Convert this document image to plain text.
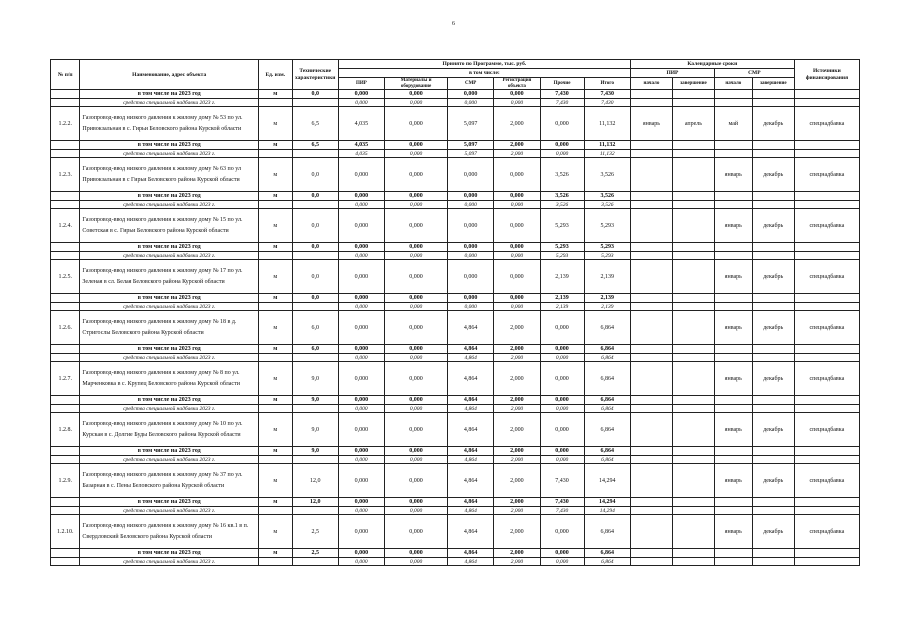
6
№ п/п	Наименование, адрес объекта	Ед. изм.	Технические характеристики	Принято по Программе, тыс. руб.						Календарные сроки				Источники финансирования
				в том числе:						ПИР		СМР		
				ПИР	Материалы и оборудование	СМР	Регистрация объекта	Прочие	Итого	начало	завершение	начало	завершение	
	в том числе на 2023 год	м	0,0	0,000	0,000	0,000	0,000	7,430	7,430					
	средства специальной надбавки 2023 г.			0,000	0,000	0,000	0,000	7,430	7,430					
1.2.2.	Газопровод-ввод низкого давления к жилому дому № 53 по ул. Привокзальная в с. Гирьи Беловского района Курской области	м	6,5	4,035	0,000	5,097	2,000	0,000	11,132	январь	апрель	май	декабрь	спецнадбавка
	в том числе на 2023 год	м	6,5	4,035	0,000	5,097	2,000	0,000	11,132					
	средства специальной надбавки 2023 г.			4,035	0,000	5,097	2,000	0,000	11,132					
1.2.3.	Газопровод-ввод низкого давления к жилому дому № 63 по ул Привокзальная в с Гирьи Беловского района Курской области	м	0,0	0,000	0,000	0,000	0,000	3,526	3,526			январь	декабрь	спецнадбавка
	в том числе на 2023 год	м	0,0	0,000	0,000	0,000	0,000	3,526	3,526					
	средства специальной надбавки 2023 г.			0,000	0,000	0,000	0,000	3,526	3,526					
1.2.4.	Газопровод-ввод низкого давления к жилому дому № 15 по ул. Советская в с. Гирьи Беловского района Курской области	м	0,0	0,000	0,000	0,000	0,000	5,293	5,293			январь	декабрь	спецнадбавка
	в том числе на 2023 год	м	0,0	0,000	0,000	0,000	0,000	5,293	5,293					
	средства специальной надбавки 2023 г.			0,000	0,000	0,000	0,000	5,293	5,293					
1.2.5.	Газопровод-ввод низкого давления к жилому дому № 17 по ул. Зеленая в сл. Белая Беловского района Курской области	м	0,0	0,000	0,000	0,000	0,000	2,139	2,139			январь	декабрь	спецнадбавка
	в том числе на 2023 год	м	0,0	0,000	0,000	0,000	0,000	2,139	2,139					
	средства специальной надбавки 2023 г.			0,000	0,000	0,000	0,000	2,139	2,139					
1.2.6.	Газопровод-ввод низкого давления к жилому дому № 18 в д. Стригослы Беловского района Курской области	м	6,0	0,000	0,000	4,864	2,000	0,000	6,864			январь	декабрь	спецнадбавка
	в том числе на 2023 год	м	6,0	0,000	0,000	4,864	2,000	0,000	6,864					
	средства специальной надбавки 2023 г.			0,000	0,000	4,864	2,000	0,000	6,864					
1.2.7.	Газопровод-ввод низкого давления к жилому дому № 8 по ул. Марченковка в с. Крупец Беловского района Курской области	м	9,0	0,000	0,000	4,864	2,000	0,000	6,864			январь	декабрь	спецнадбавка
	в том числе на 2023 год	м	9,0	0,000	0,000	4,864	2,000	0,000	6,864					
	средства специальной надбавки 2023 г.			0,000	0,000	4,864	2,000	0,000	6,864					
1.2.8.	Газопровод-ввод низкого давления к жилому дому № 10 по ул. Курская в с. Долгие Буды Беловского района Курской области	м	9,0	0,000	0,000	4,864	2,000	0,000	6,864			январь	декабрь	спецнадбавка
	в том числе на 2023 год	м	9,0	0,000	0,000	4,864	2,000	0,000	6,864					
	средства специальной надбавки 2023 г.			0,000	0,000	4,864	2,000	0,000	6,864					
1.2.9.	Газопровод-ввод низкого давления к жилому дому № 37 по ул. Базарная в с. Пены Беловского района Курской области	м	12,0	0,000	0,000	4,864	2,000	7,430	14,294			январь	декабрь	спецнадбавка
	в том числе на 2023 год	м	12,0	0,000	0,000	4,864	2,000	7,430	14,294					
	средства специальной надбавки 2023 г.			0,000	0,000	4,864	2,000	7,430	14,294					
1.2.10.	Газопровод-ввод низкого давления к жилому дому № 16 кв.1 в п. Свердловский Беловского района Курской области	м	2,5	0,000	0,000	4,864	2,000	0,000	6,864			январь	декабрь	спецнадбавка
	в том числе на 2023 год	м	2,5	0,000	0,000	4,864	2,000	0,000	6,864					
	средства специальной надбавки 2023 г.			0,000	0,000	4,864	2,000	0,000	6,864					
